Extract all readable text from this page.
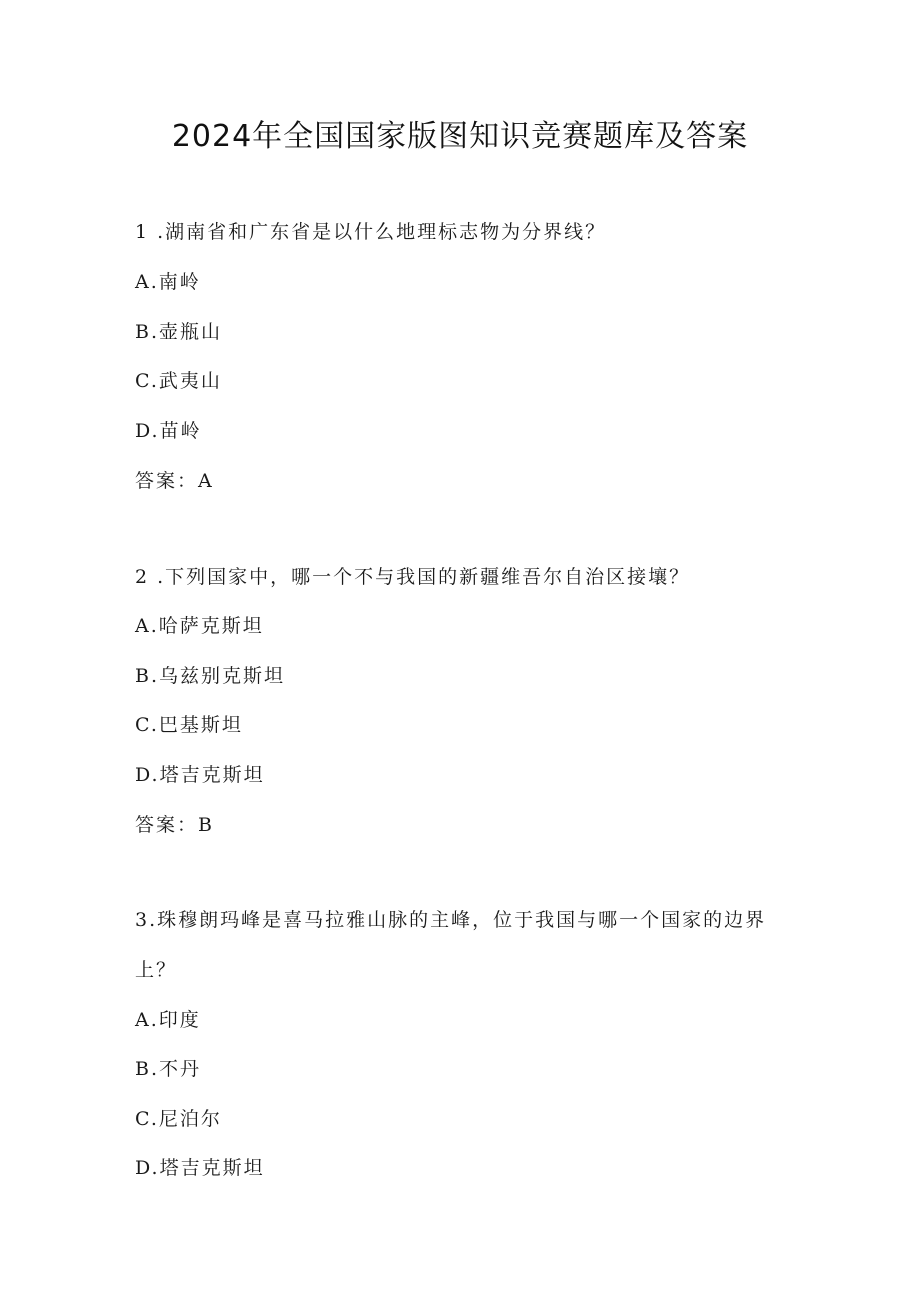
2024年全国国家版图知识竞赛题库及答案
1 .湖南省和广东省是以什么地理标志物为分界线？
A.南岭
B.壶瓶山
C.武夷山
D.苗岭
答案：A
2 .下列国家中，哪一个不与我国的新疆维吾尔自治区接壤？
A.哈萨克斯坦
B.乌兹别克斯坦
C.巴基斯坦
D.塔吉克斯坦
答案：B
3.珠穆朗玛峰是喜马拉雅山脉的主峰，位于我国与哪一个国家的边界
上？
A.印度
B.不丹
C.尼泊尔
D.塔吉克斯坦
